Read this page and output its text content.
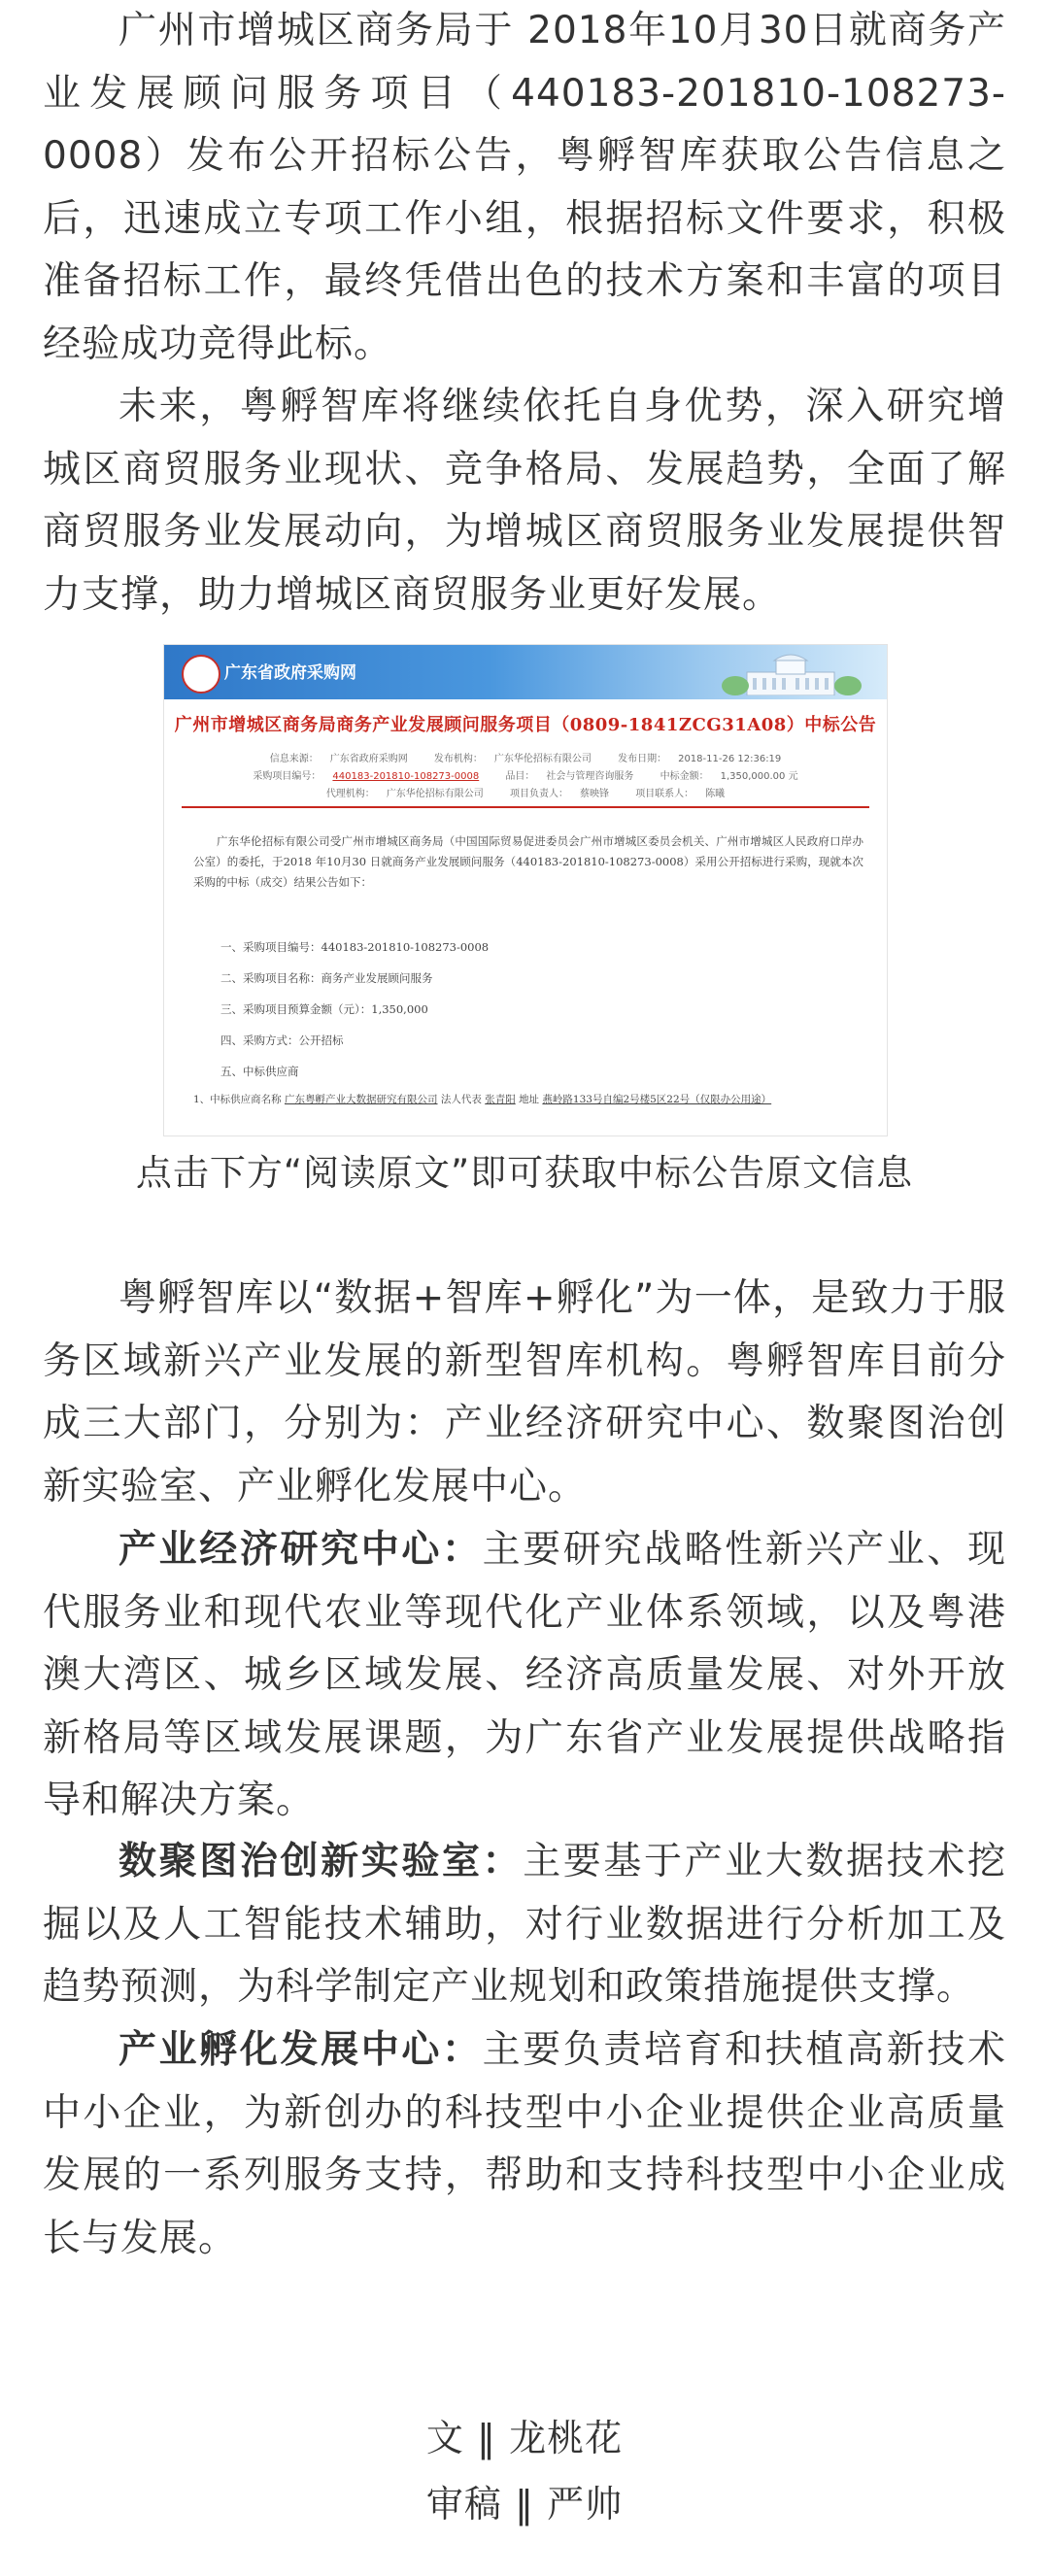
广州市增城区商务局于 2018年10月30日就商务产业发展顾问服务项目（440183-201810-108273-0008）发布公开招标公告，粤孵智库获取公告信息之后，迅速成立专项工作小组，根据招标文件要求，积极准备招标工作，最终凭借出色的技术方案和丰富的项目经验成功竞得此标。

未来，粤孵智库将继续依托自身优势，深入研究增城区商贸服务业现状、竞争格局、发展趋势，全面了解商贸服务业发展动向，为增城区商贸服务业发展提供智力支撑，助力增城区商贸服务业更好发展。

广东省政府采购网
广州市增城区商务局商务产业发展顾问服务项目（0809-1841ZCG31A08）中标公告
信息来源： 广东省政府采购网	发布机构： 广东华伦招标有限公司	发布日期： 2018-11-26 12:36:19
采购项目编号： 440183-201810-108273-0008	品目： 社会与管理咨询服务	中标金额： 1,350,000.00 元
代理机构： 广东华伦招标有限公司	项目负责人： 蔡映锋	项目联系人： 陈曦
广东华伦招标有限公司受广州市增城区商务局（中国国际贸易促进委员会广州市增城区委员会机关、广州市增城区人民政府口岸办公室）的委托，于2018 年10月30 日就商务产业发展顾问服务（440183-201810-108273-0008）采用公开招标进行采购，现就本次采购的中标（成交）结果公告如下：
一、采购项目编号：440183-201810-108273-0008
二、采购项目名称：商务产业发展顾问服务
三、采购项目预算金额（元）：1,350,000
四、采购方式：公开招标
五、中标供应商
1、中标供应商名称 广东粤孵产业大数据研究有限公司 法人代表 张青阳 地址 燕岭路133号自编2号楼5区22号（仅限办公用途）
点击下方“阅读原文”即可获取中标公告原文信息

粤孵智库以“数据+智库+孵化”为一体，是致力于服务区域新兴产业发展的新型智库机构。粤孵智库目前分成三大部门，分别为：产业经济研究中心、数聚图治创新实验室、产业孵化发展中心。

产业经济研究中心：主要研究战略性新兴产业、现代服务业和现代农业等现代化产业体系领域，以及粤港澳大湾区、城乡区域发展、经济高质量发展、对外开放新格局等区域发展课题，为广东省产业发展提供战略指导和解决方案。

数聚图治创新实验室：主要基于产业大数据技术挖掘以及人工智能技术辅助，对行业数据进行分析加工及趋势预测，为科学制定产业规划和政策措施提供支撑。

产业孵化发展中心：主要负责培育和扶植高新技术中小企业，为新创办的科技型中小企业提供企业高质量发展的一系列服务支持，帮助和支持科技型中小企业成长与发展。

文 ‖ 龙桃花
审稿 ‖ 严帅
